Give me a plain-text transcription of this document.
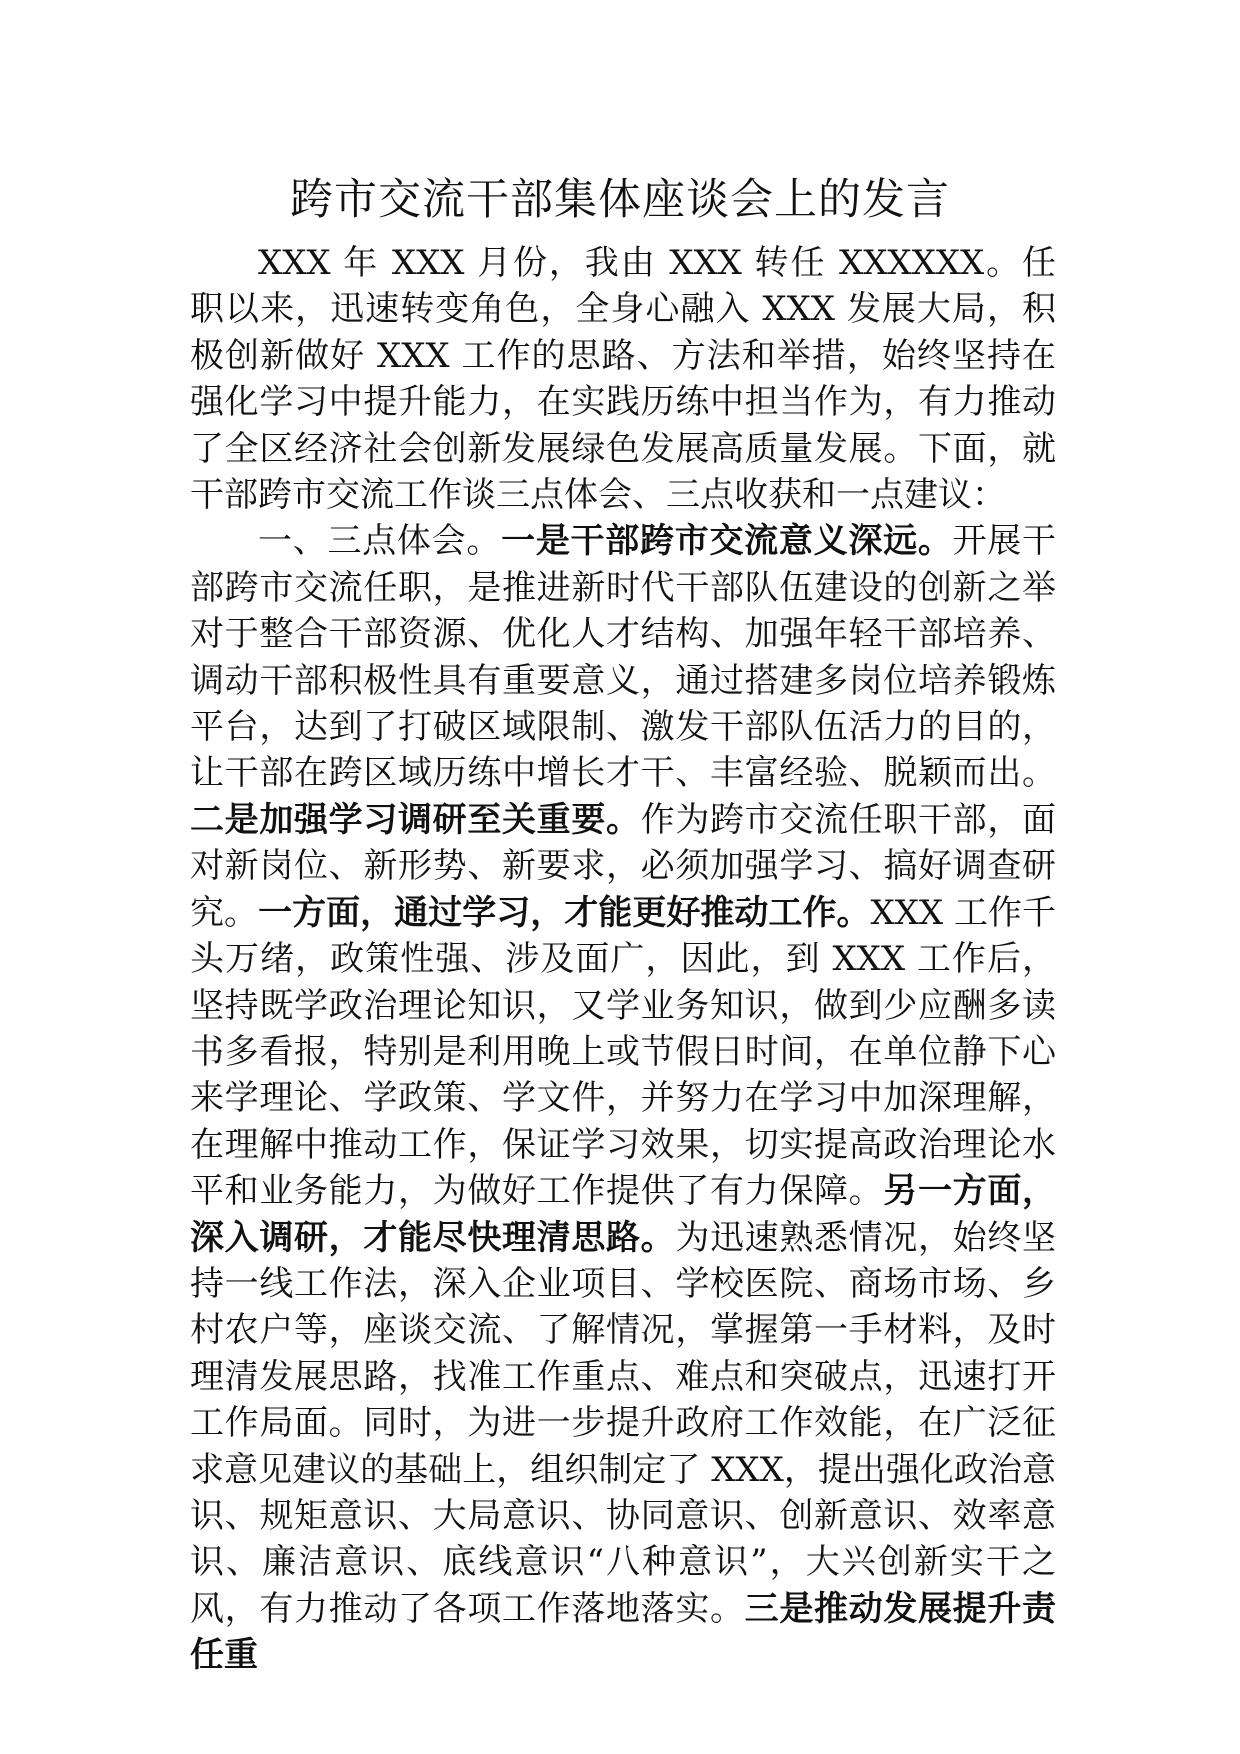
跨市交流干部集体座谈会上的发言

XXX 年 XXX 月份，我由 XXX 转任 XXXXXX。任职以来，迅速转变角色，全身心融入 XXX 发展大局，积极创新做好 XXX 工作的思路、方法和举措，始终坚持在强化学习中提升能力，在实践历练中担当作为，有力推动了全区经济社会创新发展绿色发展高质量发展。下面，就干部跨市交流工作谈三点体会、三点收获和一点建议：

一、三点体会。一是干部跨市交流意义深远。开展干部跨市交流任职，是推进新时代干部队伍建设的创新之举对于整合干部资源、优化人才结构、加强年轻干部培养、调动干部积极性具有重要意义，通过搭建多岗位培养锻炼平台，达到了打破区域限制、激发干部队伍活力的目的，让干部在跨区域历练中增长才干、丰富经验、脱颖而出。二是加强学习调研至关重要。作为跨市交流任职干部，面对新岗位、新形势、新要求，必须加强学习、搞好调查研究。一方面，通过学习，才能更好推动工作。XXX 工作千头万绪，政策性强、涉及面广，因此，到 XXX 工作后，坚持既学政治理论知识，又学业务知识，做到少应酬多读书多看报，特别是利用晚上或节假日时间，在单位静下心来学理论、学政策、学文件，并努力在学习中加深理解，在理解中推动工作，保证学习效果，切实提高政治理论水平和业务能力，为做好工作提供了有力保障。另一方面，深入调研，才能尽快理清思路。为迅速熟悉情况，始终坚持一线工作法，深入企业项目、学校医院、商场市场、乡村农户等，座谈交流、了解情况，掌握第一手材料，及时理清发展思路，找准工作重点、难点和突破点，迅速打开工作局面。同时，为进一步提升政府工作效能，在广泛征求意见建议的基础上，组织制定了 XXX，提出强化政治意识、规矩意识、大局意识、协同意识、创新意识、效率意识、廉洁意识、底线意识“八种意识”，大兴创新实干之风，有力推动了各项工作落地落实。三是推动发展提升责任重
